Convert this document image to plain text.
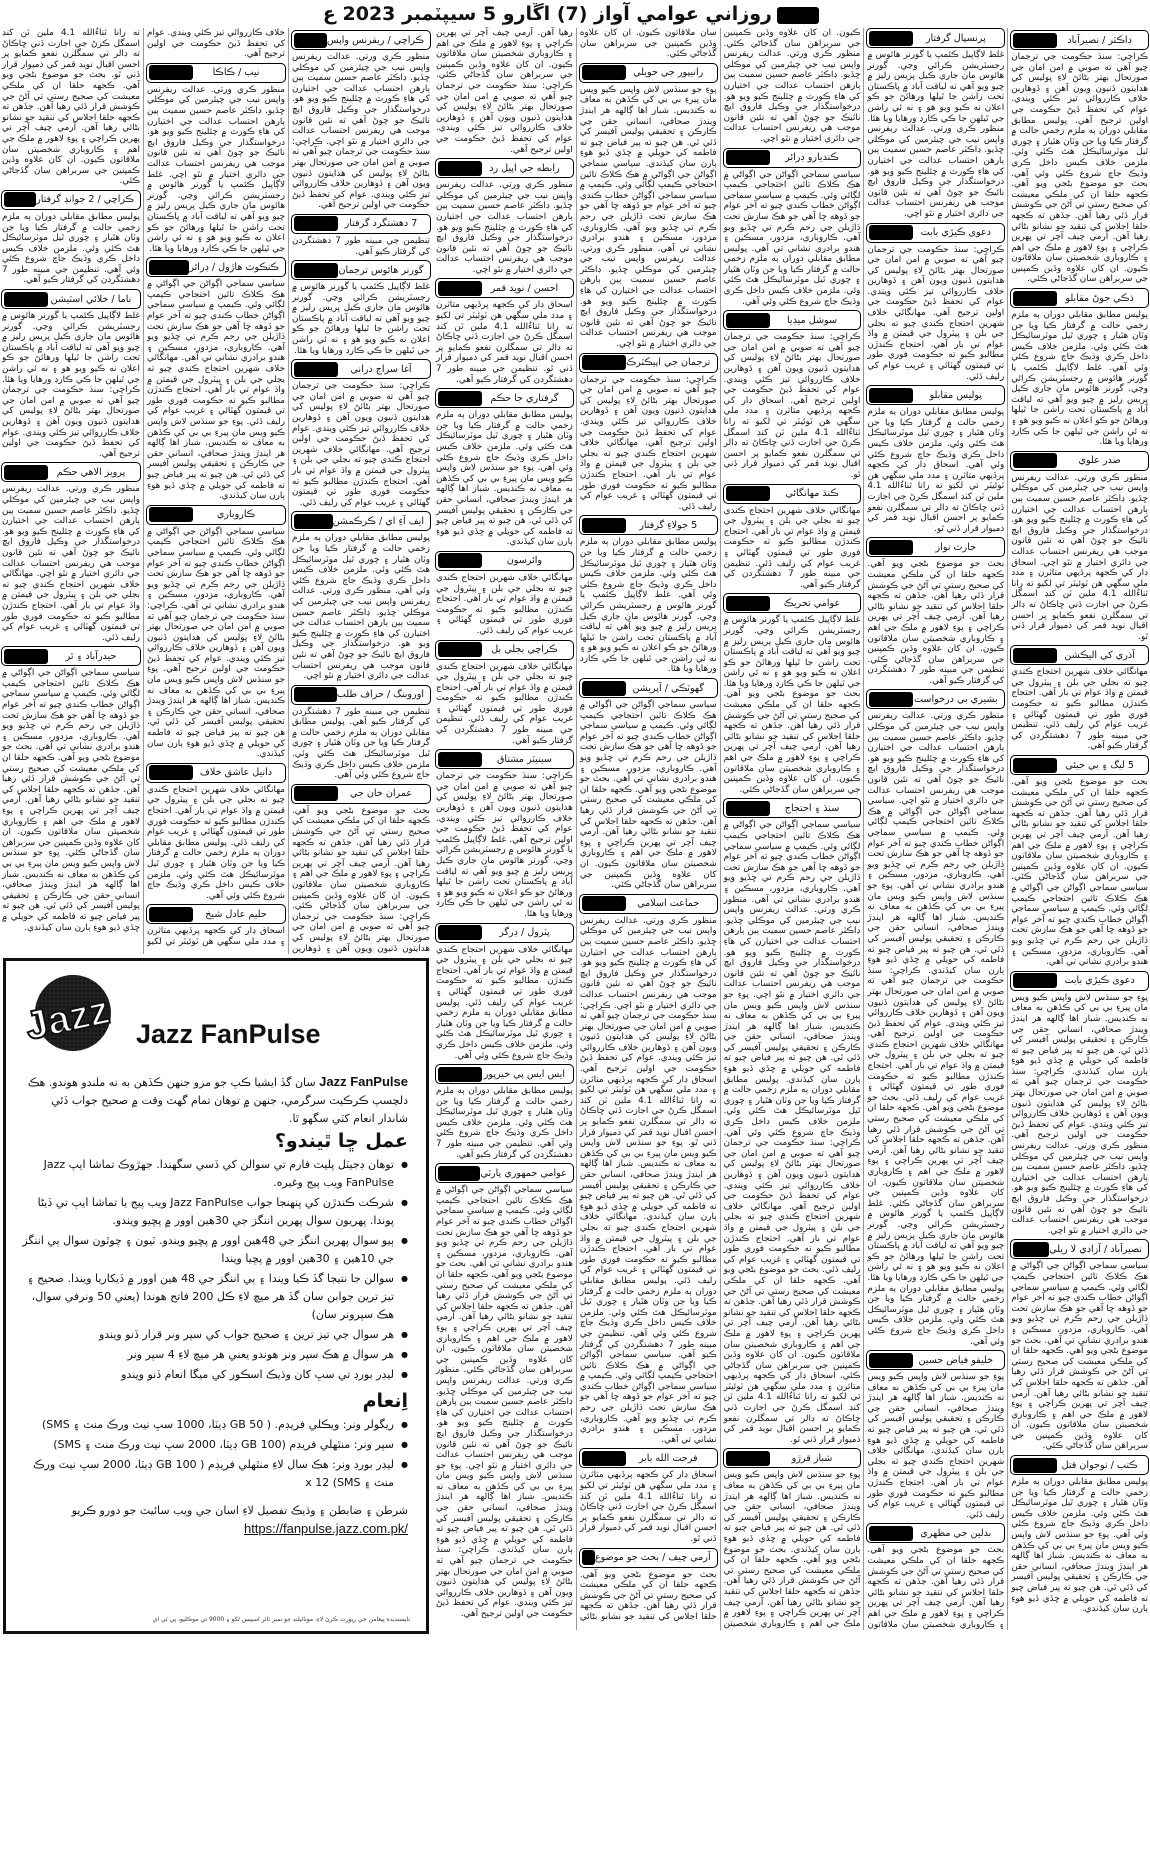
روزاني عوامي آواز (7) اڱارو 5 سيپٽمبر 2023 ع
ڪراچي / ريفرنس واپس
منظور ڪري ورتي. عدالت ريفرنس واپس نيب جي چيئرمين کي موڪلي ڇڏيو. ڊاڪٽر عاصم حسين سميت ٻين ٻارهن احتساب عدالت جي اختيارن کي هاءِ ڪورٽ ۾ چئلينج ڪيو ويو هو. درخواستگذار جي وڪيل فاروق ايڇ نائيڪ جو چوڻ آهي ته نئين قانون موجب هي ريفرنس احتساب عدالت جي دائري اختيار ۾ نٿو اچي. ڪراچي: سنڌ حڪومت جي ترجمان چيو آهي ته صوبي ۾ امن امان جي صورتحال بهتر بڻائڻ لاءِ پوليس کي هدايتون ڏنيون ويون آهن ۽ ڏوهارين خلاف ڪارروائي تيز ڪئي ويندي. عوام کي تحفظ ڏيڻ حڪومت جي اولين ترجيح آهي.
7 دهشتگرد گرفتار
تنظيمن جي مبينه طور 7 دهشتگردن کي گرفتار ڪيو آهي.
گورنر هائوس ترجمان
غلط لاڳاپيل ڪئمپ يا گورنر هائوس ۾ رجسٽريشن ڪرائي وڃي. گورنر هائوس مان جاري ڪيل پريس رليز ۾ چيو ويو آهي ته لياقت آباد ۾ پاڪستان تحت راشن جا ٿيلها ورهائڻ جو ڪو اعلان نه ڪيو ويو هو ۽ نه ئي راشن جي ٿيلهن جا ڪي ڪارڊ ورهايا ويا هئا.
آغا سراج دراني
ڪراچي: سنڌ حڪومت جي ترجمان چيو آهي ته صوبي ۾ امن امان جي صورتحال بهتر بڻائڻ لاءِ پوليس کي هدايتون ڏنيون ويون آهن ۽ ڏوهارين خلاف ڪارروائي تيز ڪئي ويندي. عوام کي تحفظ ڏيڻ حڪومت جي اولين ترجيح آهي. مهانگائي خلاف شهرين احتجاج ڪندي چيو ته بجلي جي بلن ۽ پيٽرول جي قيمتن ۾ واڌ عوام تي بار آهي. احتجاج ڪندڙن مطالبو ڪيو ته حڪومت فوري طور تي قيمتون گهٽائي ۽ غريب عوام کي رليف ڏئي.
ايف آءِ اي / ڪرڪمشن
پوليس مطابق مقابلي دوران ٻه ملزم زخمي حالت ۾ گرفتار ڪيا ويا جن وٽان هٿيار ۽ چوري ٿيل موٽرسائيڪل هٿ ڪئي وئي. ملزمن خلاف ڪيس داخل ڪري وڌيڪ جاچ شروع ڪئي وئي آهي. منظور ڪري ورتي. عدالت ريفرنس واپس نيب جي چيئرمين کي موڪلي ڇڏيو. ڊاڪٽر عاصم حسين سميت ٻين ٻارهن احتساب عدالت جي اختيارن کي هاءِ ڪورٽ ۾ چئلينج ڪيو ويو هو. درخواستگذار جي وڪيل فاروق ايڇ نائيڪ جو چوڻ آهي ته نئين قانون موجب هي ريفرنس احتساب عدالت جي دائري اختيار ۾ نٿو اچي.
اوروبنگ / حراف طلب
تنظيمن جي مبينه طور 7 دهشتگردن کي گرفتار ڪيو آهي. پوليس مطابق مقابلي دوران ٻه ملزم زخمي حالت ۾ گرفتار ڪيا ويا جن وٽان هٿيار ۽ چوري ٿيل موٽرسائيڪل هٿ ڪئي وئي. ملزمن خلاف ڪيس داخل ڪري وڌيڪ جاچ شروع ڪئي وئي آهي.
عمران خان جي
بحث جو موضوع بڻجي ويو آهي. ڪجهه حلقا ان کي ملڪي معيشت کي صحيح رستي تي آڻڻ جي ڪوشش قرار ڏئي رهيا آهن. جڏهن ته ڪجهه حلقا اجلاس کي تنقيد جو نشانو بڻائي رهيا آهن. آرمي چيف آچر تي پهرين ڪراچي ۽ پوءِ لاهور ۾ ملڪ جي اهم ۽ ڪاروباري شخصيتن سان ملاقاتون ڪيون. ان کان علاوه وڏين ڪمپنين جي سربراهن سان گڏجاڻي ڪئي. ڪراچي: سنڌ حڪومت جي ترجمان چيو آهي ته صوبي ۾ امن امان جي صورتحال بهتر بڻائڻ لاءِ پوليس کي هدايتون ڏنيون ويون آهن ۽ ڏوهارين خلاف ڪارروائي تيز ڪئي ويندي. عوام کي تحفظ ڏيڻ حڪومت جي اولين ترجيح آهي.
نيب / ڪاڪا
منظور ڪري ورتي. عدالت ريفرنس واپس نيب جي چيئرمين کي موڪلي ڇڏيو. ڊاڪٽر عاصم حسين سميت ٻين ٻارهن احتساب عدالت جي اختيارن کي هاءِ ڪورٽ ۾ چئلينج ڪيو ويو هو. درخواستگذار جي وڪيل فاروق ايڇ نائيڪ جو چوڻ آهي ته نئين قانون موجب هي ريفرنس احتساب عدالت جي دائري اختيار ۾ نٿو اچي. غلط لاڳاپيل ڪئمپ يا گورنر هائوس ۾ رجسٽريشن ڪرائي وڃي. گورنر هائوس مان جاري ڪيل پريس رليز ۾ چيو ويو آهي ته لياقت آباد ۾ پاڪستان تحت راشن جا ٿيلها ورهائڻ جو ڪو اعلان نه ڪيو ويو هو ۽ نه ئي راشن جي ٿيلهن جا ڪي ڪارڊ ورهايا ويا هئا.
ڪنڪوٽ هاڙول / ڊرائر
سياسي سماجي اڳواڻن جي اڳواڻي ۾ هڪ ڪلاڪ تائين احتجاجي ڪيمپ لڳائي وئي. ڪيمپ ۾ سياسي سماجي اڳواڻن خطاب ڪندي چيو ته آخر عوام جو ڏوهه ڇا آهي جو هڪ سازش تحت ڌاڙيلن جي رحم ڪرم تي ڇڏيو ويو آهي. ڪاروباري، مزدور، مسڪين ۽ هندو برادري نشاني تي آهي. مهانگائي خلاف شهرين احتجاج ڪندي چيو ته بجلي جي بلن ۽ پيٽرول جي قيمتن ۾ واڌ عوام تي بار آهي. احتجاج ڪندڙن مطالبو ڪيو ته حڪومت فوري طور تي قيمتون گهٽائي ۽ غريب عوام کي رليف ڏئي. پوءِ جو سنڌس لاش واپس ڪيو ويس مان پيرءِ بي بي کي ڪڏهن به معاف نه ڪنديس. شباز اها ڳالهه هر اينڊڙ ويندڙ صحافي، انساني حقن جي ڪارڪن ۽ تحقيقي پوليس آفيسر کي ڏئي ٿي. هن چيو ته پير فياض چيو ته فاطمه کي حويلي ۾ ڇڏي ڏيو هوءِ ٻارن سان کيڏندي.
ڪاروباري
سياسي سماجي اڳواڻن جي اڳواڻي ۾ هڪ ڪلاڪ تائين احتجاجي ڪيمپ لڳائي وئي. ڪيمپ ۾ سياسي سماجي اڳواڻن خطاب ڪندي چيو ته آخر عوام جو ڏوهه ڇا آهي جو هڪ سازش تحت ڌاڙيلن جي رحم ڪرم تي ڇڏيو ويو آهي. ڪاروباري، مزدور، مسڪين ۽ هندو برادري نشاني تي آهي. ڪراچي: سنڌ حڪومت جي ترجمان چيو آهي ته صوبي ۾ امن امان جي صورتحال بهتر بڻائڻ لاءِ پوليس کي هدايتون ڏنيون ويون آهن ۽ ڏوهارين خلاف ڪارروائي تيز ڪئي ويندي. عوام کي تحفظ ڏيڻ حڪومت جي اولين ترجيح آهي. پوءِ جو سنڌس لاش واپس ڪيو ويس مان پيرءِ بي بي کي ڪڏهن به معاف نه ڪنديس. شباز اها ڳالهه هر اينڊڙ ويندڙ صحافي، انساني حقن جي ڪارڪن ۽ تحقيقي پوليس آفيسر کي ڏئي ٿي. هن چيو ته پير فياض چيو ته فاطمه کي حويلي ۾ ڇڏي ڏيو هوءِ ٻارن سان کيڏندي.
دانيل عاشق خلاف
مهانگائي خلاف شهرين احتجاج ڪندي چيو ته بجلي جي بلن ۽ پيٽرول جي قيمتن ۾ واڌ عوام تي بار آهي. احتجاج ڪندڙن مطالبو ڪيو ته حڪومت فوري طور تي قيمتون گهٽائي ۽ غريب عوام کي رليف ڏئي. پوليس مطابق مقابلي دوران ٻه ملزم زخمي حالت ۾ گرفتار ڪيا ويا جن وٽان هٿيار ۽ چوري ٿيل موٽرسائيڪل هٿ ڪئي وئي. ملزمن خلاف ڪيس داخل ڪري وڌيڪ جاچ شروع ڪئي وئي آهي.
حليم عادل شيخ
اسحاق ڊار کي ڪجهه پرڏيهي متاثرن ۽ مدد ملي سگهي هن ٽوئيٽر تي لکيو ته رانا ثناءُالله 4.1 ملين ٽن کنڊ اسمگل ڪرڻ جي اجازت ڏني ڇاڪاڻ ته ڊالر تي سمگلرن نفعو ڪمايو پر احسن اقبال نويد قمر کي ذميوار قرار ڏني ٿو. بحث جو موضوع بڻجي ويو آهي. ڪجهه حلقا ان کي ملڪي معيشت کي صحيح رستي تي آڻڻ جي ڪوشش قرار ڏئي رهيا آهن. جڏهن ته ڪجهه حلقا اجلاس کي تنقيد جو نشانو بڻائي رهيا آهن. آرمي چيف آچر تي پهرين ڪراچي ۽ پوءِ لاهور ۾ ملڪ جي اهم ۽ ڪاروباري شخصيتن سان ملاقاتون ڪيون. ان کان علاوه وڏين ڪمپنين جي سربراهن سان گڏجاڻي ڪئي.
ڪراچي / 2 جوانڊ گرفتار
پوليس مطابق مقابلي دوران ٻه ملزم زخمي حالت ۾ گرفتار ڪيا ويا جن وٽان هٿيار ۽ چوري ٿيل موٽرسائيڪل هٿ ڪئي وئي. ملزمن خلاف ڪيس داخل ڪري وڌيڪ جاچ شروع ڪئي وئي آهي. تنظيمن جي مبينه طور 7 دهشتگردن کي گرفتار ڪيو آهي.
ناما / خلائي اسٽيشن
غلط لاڳاپيل ڪئمپ يا گورنر هائوس ۾ رجسٽريشن ڪرائي وڃي. گورنر هائوس مان جاري ڪيل پريس رليز ۾ چيو ويو آهي ته لياقت آباد ۾ پاڪستان تحت راشن جا ٿيلها ورهائڻ جو ڪو اعلان نه ڪيو ويو هو ۽ نه ئي راشن جي ٿيلهن جا ڪي ڪارڊ ورهايا ويا هئا. ڪراچي: سنڌ حڪومت جي ترجمان چيو آهي ته صوبي ۾ امن امان جي صورتحال بهتر بڻائڻ لاءِ پوليس کي هدايتون ڏنيون ويون آهن ۽ ڏوهارين خلاف ڪارروائي تيز ڪئي ويندي. عوام کي تحفظ ڏيڻ حڪومت جي اولين ترجيح آهي.
پرويز الاهي حڪم
منظور ڪري ورتي. عدالت ريفرنس واپس نيب جي چيئرمين کي موڪلي ڇڏيو. ڊاڪٽر عاصم حسين سميت ٻين ٻارهن احتساب عدالت جي اختيارن کي هاءِ ڪورٽ ۾ چئلينج ڪيو ويو هو. درخواستگذار جي وڪيل فاروق ايڇ نائيڪ جو چوڻ آهي ته نئين قانون موجب هي ريفرنس احتساب عدالت جي دائري اختيار ۾ نٿو اچي. مهانگائي خلاف شهرين احتجاج ڪندي چيو ته بجلي جي بلن ۽ پيٽرول جي قيمتن ۾ واڌ عوام تي بار آهي. احتجاج ڪندڙن مطالبو ڪيو ته حڪومت فوري طور تي قيمتون گهٽائي ۽ غريب عوام کي رليف ڏئي.
حيدرآباد ۽ ٿر
سياسي سماجي اڳواڻن جي اڳواڻي ۾ هڪ ڪلاڪ تائين احتجاجي ڪيمپ لڳائي وئي. ڪيمپ ۾ سياسي سماجي اڳواڻن خطاب ڪندي چيو ته آخر عوام جو ڏوهه ڇا آهي جو هڪ سازش تحت ڌاڙيلن جي رحم ڪرم تي ڇڏيو ويو آهي. ڪاروباري، مزدور، مسڪين ۽ هندو برادري نشاني تي آهي. بحث جو موضوع بڻجي ويو آهي. ڪجهه حلقا ان کي ملڪي معيشت کي صحيح رستي تي آڻڻ جي ڪوشش قرار ڏئي رهيا آهن. جڏهن ته ڪجهه حلقا اجلاس کي تنقيد جو نشانو بڻائي رهيا آهن. آرمي چيف آچر تي پهرين ڪراچي ۽ پوءِ لاهور ۾ ملڪ جي اهم ۽ ڪاروباري شخصيتن سان ملاقاتون ڪيون. ان کان علاوه وڏين ڪمپنين جي سربراهن سان گڏجاڻي ڪئي. پوءِ جو سنڌس لاش واپس ڪيو ويس مان پيرءِ بي بي کي ڪڏهن به معاف نه ڪنديس. شباز اها ڳالهه هر اينڊڙ ويندڙ صحافي، انساني حقن جي ڪارڪن ۽ تحقيقي پوليس آفيسر کي ڏئي ٿي. هن چيو ته پير فياض چيو ته فاطمه کي حويلي ۾ ڇڏي ڏيو هوءِ ٻارن سان کيڏندي.
Jazz Jazz FanPulse
Jazz FanPulse سان گڏ ايشيا ڪپ جو مزو جنهن ڪڏهن به نه ملندو هوندو. هڪ دلچسپ ڪرڪيٽ سرگرمي، جنهن ۾ توهان تمام گهٽ وقت ۾ صحيح جواب ڏئي شاندار انعام کٽي سگهو ٿا.
عمل ڇا ٿيندو؟
● توهان ڊجيٽل پليٽ فارم تي سوالن کي ڏسي سگهندا. جهڙوڪ تماشا ايپ Jazz FanPulse ويب پيج وغيره.
● شرڪت ڪندڙن کي پنهنجا جواب Jazz FanPulse ويب پيج يا تماشا ايپ تي ڏيڻا پوندا. پهريون سوال پهرين اننگز جي 30هين اوور ۾ پڇيو ويندو.
● ٻيو سوال پهرين اننگز جي 48هين اوور ۾ پڇيو ويندو. ٽيون ۽ چوٿون سوال ٻي اننگز جي 10هين ۽ 30هين اوور ۾ پڇيا ويندا
● سوالن جا نتيجا گڏ ڪيا ويندا ۽ ٻي اننگز جي 48 هين اوور ۾ ڏيکاريا ويندا. صحيح ۽ تيز ترين جوابن سان گڏ هر ميچ لاءِ ڪل 200 فاتح هوندا (يعني 50 ونرفي سوال، هڪ سپرونر سان)
● هر سوال جي تيز ترين ۽ صحيح جواب کي سپر ونر قرار ڏنو ويندو
● هر سوال ۾ هڪ سپر ونر هوندو يعني هر ميچ لاءِ 4 سپر ونر
● ليڊر بورڊ تي سڀ کان وڌيڪ اسڪور کي ميگا انعام ڏنو ويندو
اِنعام
● ريگولر ونر: ويڪلي فريڊم. ( GB 50 ڊيٽا، 1000 سڀ نيٽ ورڪ منٽ ۽ SMS)
● سپر ونر: منٿهلي فريڊم (GB 100 ڊيٽا، 2000 سڀ نيٽ ورڪ منٽ ۽ SMS)
● ليڊر بورڊ ونر: هڪ سال لاءِ منٿهلي فريڊم ( GB 100 ڊيٽا، 2000 سڀ نيٽ ورڪ منٽ ۽ SMS) x 12
شرطن ۽ ضابطن ۽ وڌيڪ تفصيل لاءِ اسان جي ويب سائيٽ جو دورو ڪريو
https://fanpulse.jazz.com.pk/
ناپسنديده پيغامن جي رپورٽ ڪرڻ لاءِ، موبائيلنڊ جو نمبر ٽائر اسپيس لکو ۽ 9000 تي موڪليو، پي ٽي اي
ڊاڪٽر / نصيرآباد
ڪراچي: سنڌ حڪومت جي ترجمان چيو آهي ته صوبي ۾ امن امان جي صورتحال بهتر بڻائڻ لاءِ پوليس کي هدايتون ڏنيون ويون آهن ۽ ڏوهارين خلاف ڪارروائي تيز ڪئي ويندي. عوام کي تحفظ ڏيڻ حڪومت جي اولين ترجيح آهي. پوليس مطابق مقابلي دوران ٻه ملزم زخمي حالت ۾ گرفتار ڪيا ويا جن وٽان هٿيار ۽ چوري ٿيل موٽرسائيڪل هٿ ڪئي وئي. ملزمن خلاف ڪيس داخل ڪري وڌيڪ جاچ شروع ڪئي وئي آهي. بحث جو موضوع بڻجي ويو آهي. ڪجهه حلقا ان کي ملڪي معيشت کي صحيح رستي تي آڻڻ جي ڪوشش قرار ڏئي رهيا آهن. جڏهن ته ڪجهه حلقا اجلاس کي تنقيد جو نشانو بڻائي رهيا آهن. آرمي چيف آچر تي پهرين ڪراچي ۽ پوءِ لاهور ۾ ملڪ جي اهم ۽ ڪاروباري شخصيتن سان ملاقاتون ڪيون. ان کان علاوه وڏين ڪمپنين جي سربراهن سان گڏجاڻي ڪئي.
ذڪي جوڻ مقابلو
پوليس مطابق مقابلي دوران ٻه ملزم زخمي حالت ۾ گرفتار ڪيا ويا جن وٽان هٿيار ۽ چوري ٿيل موٽرسائيڪل هٿ ڪئي وئي. ملزمن خلاف ڪيس داخل ڪري وڌيڪ جاچ شروع ڪئي وئي آهي. غلط لاڳاپيل ڪئمپ يا گورنر هائوس ۾ رجسٽريشن ڪرائي وڃي. گورنر هائوس مان جاري ڪيل پريس رليز ۾ چيو ويو آهي ته لياقت آباد ۾ پاڪستان تحت راشن جا ٿيلها ورهائڻ جو ڪو اعلان نه ڪيو ويو هو ۽ نه ئي راشن جي ٿيلهن جا ڪي ڪارڊ ورهايا ويا هئا.
صدر علوي
منظور ڪري ورتي. عدالت ريفرنس واپس نيب جي چيئرمين کي موڪلي ڇڏيو. ڊاڪٽر عاصم حسين سميت ٻين ٻارهن احتساب عدالت جي اختيارن کي هاءِ ڪورٽ ۾ چئلينج ڪيو ويو هو. درخواستگذار جي وڪيل فاروق ايڇ نائيڪ جو چوڻ آهي ته نئين قانون موجب هي ريفرنس احتساب عدالت جي دائري اختيار ۾ نٿو اچي. اسحاق ڊار کي ڪجهه پرڏيهي متاثرن ۽ مدد ملي سگهي هن ٽوئيٽر تي لکيو ته رانا ثناءُالله 4.1 ملين ٽن کنڊ اسمگل ڪرڻ جي اجازت ڏني ڇاڪاڻ ته ڊالر تي سمگلرن نفعو ڪمايو پر احسن اقبال نويد قمر کي ذميوار قرار ڏني ٿو.
آذري کي اليڪشن
مهانگائي خلاف شهرين احتجاج ڪندي چيو ته بجلي جي بلن ۽ پيٽرول جي قيمتن ۾ واڌ عوام تي بار آهي. احتجاج ڪندڙن مطالبو ڪيو ته حڪومت فوري طور تي قيمتون گهٽائي ۽ غريب عوام کي رليف ڏئي. تنظيمن جي مبينه طور 7 دهشتگردن کي گرفتار ڪيو آهي.
5 ليگ ۽ بي جيئي
بحث جو موضوع بڻجي ويو آهي. ڪجهه حلقا ان کي ملڪي معيشت کي صحيح رستي تي آڻڻ جي ڪوشش قرار ڏئي رهيا آهن. جڏهن ته ڪجهه حلقا اجلاس کي تنقيد جو نشانو بڻائي رهيا آهن. آرمي چيف آچر تي پهرين ڪراچي ۽ پوءِ لاهور ۾ ملڪ جي اهم ۽ ڪاروباري شخصيتن سان ملاقاتون ڪيون. ان کان علاوه وڏين ڪمپنين جي سربراهن سان گڏجاڻي ڪئي. سياسي سماجي اڳواڻن جي اڳواڻي ۾ هڪ ڪلاڪ تائين احتجاجي ڪيمپ لڳائي وئي. ڪيمپ ۾ سياسي سماجي اڳواڻن خطاب ڪندي چيو ته آخر عوام جو ڏوهه ڇا آهي جو هڪ سازش تحت ڌاڙيلن جي رحم ڪرم تي ڇڏيو ويو آهي. ڪاروباري، مزدور، مسڪين ۽ هندو برادري نشاني تي آهي.
دعوى ڪيڙي بابت
پوءِ جو سنڌس لاش واپس ڪيو ويس مان پيرءِ بي بي کي ڪڏهن به معاف نه ڪنديس. شباز اها ڳالهه هر اينڊڙ ويندڙ صحافي، انساني حقن جي ڪارڪن ۽ تحقيقي پوليس آفيسر کي ڏئي ٿي. هن چيو ته پير فياض چيو ته فاطمه کي حويلي ۾ ڇڏي ڏيو هوءِ ٻارن سان کيڏندي. ڪراچي: سنڌ حڪومت جي ترجمان چيو آهي ته صوبي ۾ امن امان جي صورتحال بهتر بڻائڻ لاءِ پوليس کي هدايتون ڏنيون ويون آهن ۽ ڏوهارين خلاف ڪارروائي تيز ڪئي ويندي. عوام کي تحفظ ڏيڻ حڪومت جي اولين ترجيح آهي. منظور ڪري ورتي. عدالت ريفرنس واپس نيب جي چيئرمين کي موڪلي ڇڏيو. ڊاڪٽر عاصم حسين سميت ٻين ٻارهن احتساب عدالت جي اختيارن کي هاءِ ڪورٽ ۾ چئلينج ڪيو ويو هو. درخواستگذار جي وڪيل فاروق ايڇ نائيڪ جو چوڻ آهي ته نئين قانون موجب هي ريفرنس احتساب عدالت جي دائري اختيار ۾ نٿو اچي.
نصيرآباد / آزادي لا ريلي
سياسي سماجي اڳواڻن جي اڳواڻي ۾ هڪ ڪلاڪ تائين احتجاجي ڪيمپ لڳائي وئي. ڪيمپ ۾ سياسي سماجي اڳواڻن خطاب ڪندي چيو ته آخر عوام جو ڏوهه ڇا آهي جو هڪ سازش تحت ڌاڙيلن جي رحم ڪرم تي ڇڏيو ويو آهي. ڪاروباري، مزدور، مسڪين ۽ هندو برادري نشاني تي آهي. بحث جو موضوع بڻجي ويو آهي. ڪجهه حلقا ان کي ملڪي معيشت کي صحيح رستي تي آڻڻ جي ڪوشش قرار ڏئي رهيا آهن. جڏهن ته ڪجهه حلقا اجلاس کي تنقيد جو نشانو بڻائي رهيا آهن. آرمي چيف آچر تي پهرين ڪراچي ۽ پوءِ لاهور ۾ ملڪ جي اهم ۽ ڪاروباري شخصيتن سان ملاقاتون ڪيون. ان کان علاوه وڏين ڪمپنين جي سربراهن سان گڏجاڻي ڪئي.
ڪتب / نوجوان قتل
پوليس مطابق مقابلي دوران ٻه ملزم زخمي حالت ۾ گرفتار ڪيا ويا جن وٽان هٿيار ۽ چوري ٿيل موٽرسائيڪل هٿ ڪئي وئي. ملزمن خلاف ڪيس داخل ڪري وڌيڪ جاچ شروع ڪئي وئي آهي. پوءِ جو سنڌس لاش واپس ڪيو ويس مان پيرءِ بي بي کي ڪڏهن به معاف نه ڪنديس. شباز اها ڳالهه هر اينڊڙ ويندڙ صحافي، انساني حقن جي ڪارڪن ۽ تحقيقي پوليس آفيسر کي ڏئي ٿي. هن چيو ته پير فياض چيو ته فاطمه کي حويلي ۾ ڇڏي ڏيو هوءِ ٻارن سان کيڏندي.
پرنسپال گرفتار
غلط لاڳاپيل ڪئمپ يا گورنر هائوس ۾ رجسٽريشن ڪرائي وڃي. گورنر هائوس مان جاري ڪيل پريس رليز ۾ چيو ويو آهي ته لياقت آباد ۾ پاڪستان تحت راشن جا ٿيلها ورهائڻ جو ڪو اعلان نه ڪيو ويو هو ۽ نه ئي راشن جي ٿيلهن جا ڪي ڪارڊ ورهايا ويا هئا. منظور ڪري ورتي. عدالت ريفرنس واپس نيب جي چيئرمين کي موڪلي ڇڏيو. ڊاڪٽر عاصم حسين سميت ٻين ٻارهن احتساب عدالت جي اختيارن کي هاءِ ڪورٽ ۾ چئلينج ڪيو ويو هو. درخواستگذار جي وڪيل فاروق ايڇ نائيڪ جو چوڻ آهي ته نئين قانون موجب هي ريفرنس احتساب عدالت جي دائري اختيار ۾ نٿو اچي.
دعوى ڪيڙي بابت
ڪراچي: سنڌ حڪومت جي ترجمان چيو آهي ته صوبي ۾ امن امان جي صورتحال بهتر بڻائڻ لاءِ پوليس کي هدايتون ڏنيون ويون آهن ۽ ڏوهارين خلاف ڪارروائي تيز ڪئي ويندي. عوام کي تحفظ ڏيڻ حڪومت جي اولين ترجيح آهي. مهانگائي خلاف شهرين احتجاج ڪندي چيو ته بجلي جي بلن ۽ پيٽرول جي قيمتن ۾ واڌ عوام تي بار آهي. احتجاج ڪندڙن مطالبو ڪيو ته حڪومت فوري طور تي قيمتون گهٽائي ۽ غريب عوام کي رليف ڏئي.
پوليس مقابلو
پوليس مطابق مقابلي دوران ٻه ملزم زخمي حالت ۾ گرفتار ڪيا ويا جن وٽان هٿيار ۽ چوري ٿيل موٽرسائيڪل هٿ ڪئي وئي. ملزمن خلاف ڪيس داخل ڪري وڌيڪ جاچ شروع ڪئي وئي آهي. اسحاق ڊار کي ڪجهه پرڏيهي متاثرن ۽ مدد ملي سگهي هن ٽوئيٽر تي لکيو ته رانا ثناءُالله 4.1 ملين ٽن کنڊ اسمگل ڪرڻ جي اجازت ڏني ڇاڪاڻ ته ڊالر تي سمگلرن نفعو ڪمايو پر احسن اقبال نويد قمر کي ذميوار قرار ڏني ٿو.
حارث نواز
بحث جو موضوع بڻجي ويو آهي. ڪجهه حلقا ان کي ملڪي معيشت کي صحيح رستي تي آڻڻ جي ڪوشش قرار ڏئي رهيا آهن. جڏهن ته ڪجهه حلقا اجلاس کي تنقيد جو نشانو بڻائي رهيا آهن. آرمي چيف آچر تي پهرين ڪراچي ۽ پوءِ لاهور ۾ ملڪ جي اهم ۽ ڪاروباري شخصيتن سان ملاقاتون ڪيون. ان کان علاوه وڏين ڪمپنين جي سربراهن سان گڏجاڻي ڪئي. تنظيمن جي مبينه طور 7 دهشتگردن کي گرفتار ڪيو آهي.
بشيري بي درخواست
منظور ڪري ورتي. عدالت ريفرنس واپس نيب جي چيئرمين کي موڪلي ڇڏيو. ڊاڪٽر عاصم حسين سميت ٻين ٻارهن احتساب عدالت جي اختيارن کي هاءِ ڪورٽ ۾ چئلينج ڪيو ويو هو. درخواستگذار جي وڪيل فاروق ايڇ نائيڪ جو چوڻ آهي ته نئين قانون موجب هي ريفرنس احتساب عدالت جي دائري اختيار ۾ نٿو اچي. سياسي سماجي اڳواڻن جي اڳواڻي ۾ هڪ ڪلاڪ تائين احتجاجي ڪيمپ لڳائي وئي. ڪيمپ ۾ سياسي سماجي اڳواڻن خطاب ڪندي چيو ته آخر عوام جو ڏوهه ڇا آهي جو هڪ سازش تحت ڌاڙيلن جي رحم ڪرم تي ڇڏيو ويو آهي. ڪاروباري، مزدور، مسڪين ۽ هندو برادري نشاني تي آهي. پوءِ جو سنڌس لاش واپس ڪيو ويس مان پيرءِ بي بي کي ڪڏهن به معاف نه ڪنديس. شباز اها ڳالهه هر اينڊڙ ويندڙ صحافي، انساني حقن جي ڪارڪن ۽ تحقيقي پوليس آفيسر کي ڏئي ٿي. هن چيو ته پير فياض چيو ته فاطمه کي حويلي ۾ ڇڏي ڏيو هوءِ ٻارن سان کيڏندي. ڪراچي: سنڌ حڪومت جي ترجمان چيو آهي ته صوبي ۾ امن امان جي صورتحال بهتر بڻائڻ لاءِ پوليس کي هدايتون ڏنيون ويون آهن ۽ ڏوهارين خلاف ڪارروائي تيز ڪئي ويندي. عوام کي تحفظ ڏيڻ حڪومت جي اولين ترجيح آهي. مهانگائي خلاف شهرين احتجاج ڪندي چيو ته بجلي جي بلن ۽ پيٽرول جي قيمتن ۾ واڌ عوام تي بار آهي. احتجاج ڪندڙن مطالبو ڪيو ته حڪومت فوري طور تي قيمتون گهٽائي ۽ غريب عوام کي رليف ڏئي. بحث جو موضوع بڻجي ويو آهي. ڪجهه حلقا ان کي ملڪي معيشت کي صحيح رستي تي آڻڻ جي ڪوشش قرار ڏئي رهيا آهن. جڏهن ته ڪجهه حلقا اجلاس کي تنقيد جو نشانو بڻائي رهيا آهن. آرمي چيف آچر تي پهرين ڪراچي ۽ پوءِ لاهور ۾ ملڪ جي اهم ۽ ڪاروباري شخصيتن سان ملاقاتون ڪيون. ان کان علاوه وڏين ڪمپنين جي سربراهن سان گڏجاڻي ڪئي. غلط لاڳاپيل ڪئمپ يا گورنر هائوس ۾ رجسٽريشن ڪرائي وڃي. گورنر هائوس مان جاري ڪيل پريس رليز ۾ چيو ويو آهي ته لياقت آباد ۾ پاڪستان تحت راشن جا ٿيلها ورهائڻ جو ڪو اعلان نه ڪيو ويو هو ۽ نه ئي راشن جي ٿيلهن جا ڪي ڪارڊ ورهايا ويا هئا. پوليس مطابق مقابلي دوران ٻه ملزم زخمي حالت ۾ گرفتار ڪيا ويا جن وٽان هٿيار ۽ چوري ٿيل موٽرسائيڪل هٿ ڪئي وئي. ملزمن خلاف ڪيس داخل ڪري وڌيڪ جاچ شروع ڪئي وئي آهي.
خليفو فياض حسين
پوءِ جو سنڌس لاش واپس ڪيو ويس مان پيرءِ بي بي کي ڪڏهن به معاف نه ڪنديس. شباز اها ڳالهه هر اينڊڙ ويندڙ صحافي، انساني حقن جي ڪارڪن ۽ تحقيقي پوليس آفيسر کي ڏئي ٿي. هن چيو ته پير فياض چيو ته فاطمه کي حويلي ۾ ڇڏي ڏيو هوءِ ٻارن سان کيڏندي. مهانگائي خلاف شهرين احتجاج ڪندي چيو ته بجلي جي بلن ۽ پيٽرول جي قيمتن ۾ واڌ عوام تي بار آهي. احتجاج ڪندڙن مطالبو ڪيو ته حڪومت فوري طور تي قيمتون گهٽائي ۽ غريب عوام کي رليف ڏئي.
بدلين جي مظهري
بحث جو موضوع بڻجي ويو آهي. ڪجهه حلقا ان کي ملڪي معيشت کي صحيح رستي تي آڻڻ جي ڪوشش قرار ڏئي رهيا آهن. جڏهن ته ڪجهه حلقا اجلاس کي تنقيد جو نشانو بڻائي رهيا آهن. آرمي چيف آچر تي پهرين ڪراچي ۽ پوءِ لاهور ۾ ملڪ جي اهم ۽ ڪاروباري شخصيتن سان ملاقاتون ڪيون. ان کان علاوه وڏين ڪمپنين جي سربراهن سان گڏجاڻي ڪئي. منظور ڪري ورتي. عدالت ريفرنس واپس نيب جي چيئرمين کي موڪلي ڇڏيو. ڊاڪٽر عاصم حسين سميت ٻين ٻارهن احتساب عدالت جي اختيارن کي هاءِ ڪورٽ ۾ چئلينج ڪيو ويو هو. درخواستگذار جي وڪيل فاروق ايڇ نائيڪ جو چوڻ آهي ته نئين قانون موجب هي ريفرنس احتساب عدالت جي دائري اختيار ۾ نٿو اچي.
ڪنديارو ڊرائر
سياسي سماجي اڳواڻن جي اڳواڻي ۾ هڪ ڪلاڪ تائين احتجاجي ڪيمپ لڳائي وئي. ڪيمپ ۾ سياسي سماجي اڳواڻن خطاب ڪندي چيو ته آخر عوام جو ڏوهه ڇا آهي جو هڪ سازش تحت ڌاڙيلن جي رحم ڪرم تي ڇڏيو ويو آهي. ڪاروباري، مزدور، مسڪين ۽ هندو برادري نشاني تي آهي. پوليس مطابق مقابلي دوران ٻه ملزم زخمي حالت ۾ گرفتار ڪيا ويا جن وٽان هٿيار ۽ چوري ٿيل موٽرسائيڪل هٿ ڪئي وئي. ملزمن خلاف ڪيس داخل ڪري وڌيڪ جاچ شروع ڪئي وئي آهي.
سوشل ميڊيا
ڪراچي: سنڌ حڪومت جي ترجمان چيو آهي ته صوبي ۾ امن امان جي صورتحال بهتر بڻائڻ لاءِ پوليس کي هدايتون ڏنيون ويون آهن ۽ ڏوهارين خلاف ڪارروائي تيز ڪئي ويندي. عوام کي تحفظ ڏيڻ حڪومت جي اولين ترجيح آهي. اسحاق ڊار کي ڪجهه پرڏيهي متاثرن ۽ مدد ملي سگهي هن ٽوئيٽر تي لکيو ته رانا ثناءُالله 4.1 ملين ٽن کنڊ اسمگل ڪرڻ جي اجازت ڏني ڇاڪاڻ ته ڊالر تي سمگلرن نفعو ڪمايو پر احسن اقبال نويد قمر کي ذميوار قرار ڏني ٿو.
ڪنڌ مهانگائي
مهانگائي خلاف شهرين احتجاج ڪندي چيو ته بجلي جي بلن ۽ پيٽرول جي قيمتن ۾ واڌ عوام تي بار آهي. احتجاج ڪندڙن مطالبو ڪيو ته حڪومت فوري طور تي قيمتون گهٽائي ۽ غريب عوام کي رليف ڏئي. تنظيمن جي مبينه طور 7 دهشتگردن کي گرفتار ڪيو آهي.
عوامي تحريڪ
غلط لاڳاپيل ڪئمپ يا گورنر هائوس ۾ رجسٽريشن ڪرائي وڃي. گورنر هائوس مان جاري ڪيل پريس رليز ۾ چيو ويو آهي ته لياقت آباد ۾ پاڪستان تحت راشن جا ٿيلها ورهائڻ جو ڪو اعلان نه ڪيو ويو هو ۽ نه ئي راشن جي ٿيلهن جا ڪي ڪارڊ ورهايا ويا هئا. بحث جو موضوع بڻجي ويو آهي. ڪجهه حلقا ان کي ملڪي معيشت کي صحيح رستي تي آڻڻ جي ڪوشش قرار ڏئي رهيا آهن. جڏهن ته ڪجهه حلقا اجلاس کي تنقيد جو نشانو بڻائي رهيا آهن. آرمي چيف آچر تي پهرين ڪراچي ۽ پوءِ لاهور ۾ ملڪ جي اهم ۽ ڪاروباري شخصيتن سان ملاقاتون ڪيون. ان کان علاوه وڏين ڪمپنين جي سربراهن سان گڏجاڻي ڪئي.
سنڌ ۽ احتجاج
سياسي سماجي اڳواڻن جي اڳواڻي ۾ هڪ ڪلاڪ تائين احتجاجي ڪيمپ لڳائي وئي. ڪيمپ ۾ سياسي سماجي اڳواڻن خطاب ڪندي چيو ته آخر عوام جو ڏوهه ڇا آهي جو هڪ سازش تحت ڌاڙيلن جي رحم ڪرم تي ڇڏيو ويو آهي. ڪاروباري، مزدور، مسڪين ۽ هندو برادري نشاني تي آهي. منظور ڪري ورتي. عدالت ريفرنس واپس نيب جي چيئرمين کي موڪلي ڇڏيو. ڊاڪٽر عاصم حسين سميت ٻين ٻارهن احتساب عدالت جي اختيارن کي هاءِ ڪورٽ ۾ چئلينج ڪيو ويو هو. درخواستگذار جي وڪيل فاروق ايڇ نائيڪ جو چوڻ آهي ته نئين قانون موجب هي ريفرنس احتساب عدالت جي دائري اختيار ۾ نٿو اچي. پوءِ جو سنڌس لاش واپس ڪيو ويس مان پيرءِ بي بي کي ڪڏهن به معاف نه ڪنديس. شباز اها ڳالهه هر اينڊڙ ويندڙ صحافي، انساني حقن جي ڪارڪن ۽ تحقيقي پوليس آفيسر کي ڏئي ٿي. هن چيو ته پير فياض چيو ته فاطمه کي حويلي ۾ ڇڏي ڏيو هوءِ ٻارن سان کيڏندي. پوليس مطابق مقابلي دوران ٻه ملزم زخمي حالت ۾ گرفتار ڪيا ويا جن وٽان هٿيار ۽ چوري ٿيل موٽرسائيڪل هٿ ڪئي وئي. ملزمن خلاف ڪيس داخل ڪري وڌيڪ جاچ شروع ڪئي وئي آهي. ڪراچي: سنڌ حڪومت جي ترجمان چيو آهي ته صوبي ۾ امن امان جي صورتحال بهتر بڻائڻ لاءِ پوليس کي هدايتون ڏنيون ويون آهن ۽ ڏوهارين خلاف ڪارروائي تيز ڪئي ويندي. عوام کي تحفظ ڏيڻ حڪومت جي اولين ترجيح آهي. مهانگائي خلاف شهرين احتجاج ڪندي چيو ته بجلي جي بلن ۽ پيٽرول جي قيمتن ۾ واڌ عوام تي بار آهي. احتجاج ڪندڙن مطالبو ڪيو ته حڪومت فوري طور تي قيمتون گهٽائي ۽ غريب عوام کي رليف ڏئي. بحث جو موضوع بڻجي ويو آهي. ڪجهه حلقا ان کي ملڪي معيشت کي صحيح رستي تي آڻڻ جي ڪوشش قرار ڏئي رهيا آهن. جڏهن ته ڪجهه حلقا اجلاس کي تنقيد جو نشانو بڻائي رهيا آهن. آرمي چيف آچر تي پهرين ڪراچي ۽ پوءِ لاهور ۾ ملڪ جي اهم ۽ ڪاروباري شخصيتن سان ملاقاتون ڪيون. ان کان علاوه وڏين ڪمپنين جي سربراهن سان گڏجاڻي ڪئي. اسحاق ڊار کي ڪجهه پرڏيهي متاثرن ۽ مدد ملي سگهي هن ٽوئيٽر تي لکيو ته رانا ثناءُالله 4.1 ملين ٽن کنڊ اسمگل ڪرڻ جي اجازت ڏني ڇاڪاڻ ته ڊالر تي سمگلرن نفعو ڪمايو پر احسن اقبال نويد قمر کي ذميوار قرار ڏني ٿو.
شباز قرڙو
پوءِ جو سنڌس لاش واپس ڪيو ويس مان پيرءِ بي بي کي ڪڏهن به معاف نه ڪنديس. شباز اها ڳالهه هر اينڊڙ ويندڙ صحافي، انساني حقن جي ڪارڪن ۽ تحقيقي پوليس آفيسر کي ڏئي ٿي. هن چيو ته پير فياض چيو ته فاطمه کي حويلي ۾ ڇڏي ڏيو هوءِ ٻارن سان کيڏندي. بحث جو موضوع بڻجي ويو آهي. ڪجهه حلقا ان کي ملڪي معيشت کي صحيح رستي تي آڻڻ جي ڪوشش قرار ڏئي رهيا آهن. جڏهن ته ڪجهه حلقا اجلاس کي تنقيد جو نشانو بڻائي رهيا آهن. آرمي چيف آچر تي پهرين ڪراچي ۽ پوءِ لاهور ۾ ملڪ جي اهم ۽ ڪاروباري شخصيتن سان ملاقاتون ڪيون. ان کان علاوه وڏين ڪمپنين جي سربراهن سان گڏجاڻي ڪئي.
رانيپور جي حويلي
پوءِ جو سنڌس لاش واپس ڪيو ويس مان پيرءِ بي بي کي ڪڏهن به معاف نه ڪنديس. شباز اها ڳالهه هر اينڊڙ ويندڙ صحافي، انساني حقن جي ڪارڪن ۽ تحقيقي پوليس آفيسر کي ڏئي ٿي. هن چيو ته پير فياض چيو ته فاطمه کي حويلي ۾ ڇڏي ڏيو هوءِ ٻارن سان کيڏندي. سياسي سماجي اڳواڻن جي اڳواڻي ۾ هڪ ڪلاڪ تائين احتجاجي ڪيمپ لڳائي وئي. ڪيمپ ۾ سياسي سماجي اڳواڻن خطاب ڪندي چيو ته آخر عوام جو ڏوهه ڇا آهي جو هڪ سازش تحت ڌاڙيلن جي رحم ڪرم تي ڇڏيو ويو آهي. ڪاروباري، مزدور، مسڪين ۽ هندو برادري نشاني تي آهي. منظور ڪري ورتي. عدالت ريفرنس واپس نيب جي چيئرمين کي موڪلي ڇڏيو. ڊاڪٽر عاصم حسين سميت ٻين ٻارهن احتساب عدالت جي اختيارن کي هاءِ ڪورٽ ۾ چئلينج ڪيو ويو هو. درخواستگذار جي وڪيل فاروق ايڇ نائيڪ جو چوڻ آهي ته نئين قانون موجب هي ريفرنس احتساب عدالت جي دائري اختيار ۾ نٿو اچي.
ترجمان جي اپيڪٽرڪ
ڪراچي: سنڌ حڪومت جي ترجمان چيو آهي ته صوبي ۾ امن امان جي صورتحال بهتر بڻائڻ لاءِ پوليس کي هدايتون ڏنيون ويون آهن ۽ ڏوهارين خلاف ڪارروائي تيز ڪئي ويندي. عوام کي تحفظ ڏيڻ حڪومت جي اولين ترجيح آهي. مهانگائي خلاف شهرين احتجاج ڪندي چيو ته بجلي جي بلن ۽ پيٽرول جي قيمتن ۾ واڌ عوام تي بار آهي. احتجاج ڪندڙن مطالبو ڪيو ته حڪومت فوري طور تي قيمتون گهٽائي ۽ غريب عوام کي رليف ڏئي.
5 جولاءِ گرفتار
پوليس مطابق مقابلي دوران ٻه ملزم زخمي حالت ۾ گرفتار ڪيا ويا جن وٽان هٿيار ۽ چوري ٿيل موٽرسائيڪل هٿ ڪئي وئي. ملزمن خلاف ڪيس داخل ڪري وڌيڪ جاچ شروع ڪئي وئي آهي. غلط لاڳاپيل ڪئمپ يا گورنر هائوس ۾ رجسٽريشن ڪرائي وڃي. گورنر هائوس مان جاري ڪيل پريس رليز ۾ چيو ويو آهي ته لياقت آباد ۾ پاڪستان تحت راشن جا ٿيلها ورهائڻ جو ڪو اعلان نه ڪيو ويو هو ۽ نه ئي راشن جي ٿيلهن جا ڪي ڪارڊ ورهايا ويا هئا.
گهوٽڪي / آپريشن
سياسي سماجي اڳواڻن جي اڳواڻي ۾ هڪ ڪلاڪ تائين احتجاجي ڪيمپ لڳائي وئي. ڪيمپ ۾ سياسي سماجي اڳواڻن خطاب ڪندي چيو ته آخر عوام جو ڏوهه ڇا آهي جو هڪ سازش تحت ڌاڙيلن جي رحم ڪرم تي ڇڏيو ويو آهي. ڪاروباري، مزدور، مسڪين ۽ هندو برادري نشاني تي آهي. بحث جو موضوع بڻجي ويو آهي. ڪجهه حلقا ان کي ملڪي معيشت کي صحيح رستي تي آڻڻ جي ڪوشش قرار ڏئي رهيا آهن. جڏهن ته ڪجهه حلقا اجلاس کي تنقيد جو نشانو بڻائي رهيا آهن. آرمي چيف آچر تي پهرين ڪراچي ۽ پوءِ لاهور ۾ ملڪ جي اهم ۽ ڪاروباري شخصيتن سان ملاقاتون ڪيون. ان کان علاوه وڏين ڪمپنين جي سربراهن سان گڏجاڻي ڪئي.
جماعت اسلامي
منظور ڪري ورتي. عدالت ريفرنس واپس نيب جي چيئرمين کي موڪلي ڇڏيو. ڊاڪٽر عاصم حسين سميت ٻين ٻارهن احتساب عدالت جي اختيارن کي هاءِ ڪورٽ ۾ چئلينج ڪيو ويو هو. درخواستگذار جي وڪيل فاروق ايڇ نائيڪ جو چوڻ آهي ته نئين قانون موجب هي ريفرنس احتساب عدالت جي دائري اختيار ۾ نٿو اچي. ڪراچي: سنڌ حڪومت جي ترجمان چيو آهي ته صوبي ۾ امن امان جي صورتحال بهتر بڻائڻ لاءِ پوليس کي هدايتون ڏنيون ويون آهن ۽ ڏوهارين خلاف ڪارروائي تيز ڪئي ويندي. عوام کي تحفظ ڏيڻ حڪومت جي اولين ترجيح آهي. اسحاق ڊار کي ڪجهه پرڏيهي متاثرن ۽ مدد ملي سگهي هن ٽوئيٽر تي لکيو ته رانا ثناءُالله 4.1 ملين ٽن کنڊ اسمگل ڪرڻ جي اجازت ڏني ڇاڪاڻ ته ڊالر تي سمگلرن نفعو ڪمايو پر احسن اقبال نويد قمر کي ذميوار قرار ڏني ٿو. پوءِ جو سنڌس لاش واپس ڪيو ويس مان پيرءِ بي بي کي ڪڏهن به معاف نه ڪنديس. شباز اها ڳالهه هر اينڊڙ ويندڙ صحافي، انساني حقن جي ڪارڪن ۽ تحقيقي پوليس آفيسر کي ڏئي ٿي. هن چيو ته پير فياض چيو ته فاطمه کي حويلي ۾ ڇڏي ڏيو هوءِ ٻارن سان کيڏندي. مهانگائي خلاف شهرين احتجاج ڪندي چيو ته بجلي جي بلن ۽ پيٽرول جي قيمتن ۾ واڌ عوام تي بار آهي. احتجاج ڪندڙن مطالبو ڪيو ته حڪومت فوري طور تي قيمتون گهٽائي ۽ غريب عوام کي رليف ڏئي. پوليس مطابق مقابلي دوران ٻه ملزم زخمي حالت ۾ گرفتار ڪيا ويا جن وٽان هٿيار ۽ چوري ٿيل موٽرسائيڪل هٿ ڪئي وئي. ملزمن خلاف ڪيس داخل ڪري وڌيڪ جاچ شروع ڪئي وئي آهي. تنظيمن جي مبينه طور 7 دهشتگردن کي گرفتار ڪيو آهي. سياسي سماجي اڳواڻن جي اڳواڻي ۾ هڪ ڪلاڪ تائين احتجاجي ڪيمپ لڳائي وئي. ڪيمپ ۾ سياسي سماجي اڳواڻن خطاب ڪندي چيو ته آخر عوام جو ڏوهه ڇا آهي جو هڪ سازش تحت ڌاڙيلن جي رحم ڪرم تي ڇڏيو ويو آهي. ڪاروباري، مزدور، مسڪين ۽ هندو برادري نشاني تي آهي.
فرحت الله بابر
اسحاق ڊار کي ڪجهه پرڏيهي متاثرن ۽ مدد ملي سگهي هن ٽوئيٽر تي لکيو ته رانا ثناءُالله 4.1 ملين ٽن کنڊ اسمگل ڪرڻ جي اجازت ڏني ڇاڪاڻ ته ڊالر تي سمگلرن نفعو ڪمايو پر احسن اقبال نويد قمر کي ذميوار قرار ڏني ٿو.
آرمي چيف / بحث جو موضوع
بحث جو موضوع بڻجي ويو آهي. ڪجهه حلقا ان کي ملڪي معيشت کي صحيح رستي تي آڻڻ جي ڪوشش قرار ڏئي رهيا آهن. جڏهن ته ڪجهه حلقا اجلاس کي تنقيد جو نشانو بڻائي رهيا آهن. آرمي چيف آچر تي پهرين ڪراچي ۽ پوءِ لاهور ۾ ملڪ جي اهم ۽ ڪاروباري شخصيتن سان ملاقاتون ڪيون. ان کان علاوه وڏين ڪمپنين جي سربراهن سان گڏجاڻي ڪئي. ڪراچي: سنڌ حڪومت جي ترجمان چيو آهي ته صوبي ۾ امن امان جي صورتحال بهتر بڻائڻ لاءِ پوليس کي هدايتون ڏنيون ويون آهن ۽ ڏوهارين خلاف ڪارروائي تيز ڪئي ويندي. عوام کي تحفظ ڏيڻ حڪومت جي اولين ترجيح آهي.
رابطه جي اپيل رد
منظور ڪري ورتي. عدالت ريفرنس واپس نيب جي چيئرمين کي موڪلي ڇڏيو. ڊاڪٽر عاصم حسين سميت ٻين ٻارهن احتساب عدالت جي اختيارن کي هاءِ ڪورٽ ۾ چئلينج ڪيو ويو هو. درخواستگذار جي وڪيل فاروق ايڇ نائيڪ جو چوڻ آهي ته نئين قانون موجب هي ريفرنس احتساب عدالت جي دائري اختيار ۾ نٿو اچي.
احسن / نويد قمر
اسحاق ڊار کي ڪجهه پرڏيهي متاثرن ۽ مدد ملي سگهي هن ٽوئيٽر تي لکيو ته رانا ثناءُالله 4.1 ملين ٽن کنڊ اسمگل ڪرڻ جي اجازت ڏني ڇاڪاڻ ته ڊالر تي سمگلرن نفعو ڪمايو پر احسن اقبال نويد قمر کي ذميوار قرار ڏني ٿو. تنظيمن جي مبينه طور 7 دهشتگردن کي گرفتار ڪيو آهي.
گرفتاري جا حڪم
پوليس مطابق مقابلي دوران ٻه ملزم زخمي حالت ۾ گرفتار ڪيا ويا جن وٽان هٿيار ۽ چوري ٿيل موٽرسائيڪل هٿ ڪئي وئي. ملزمن خلاف ڪيس داخل ڪري وڌيڪ جاچ شروع ڪئي وئي آهي. پوءِ جو سنڌس لاش واپس ڪيو ويس مان پيرءِ بي بي کي ڪڏهن به معاف نه ڪنديس. شباز اها ڳالهه هر اينڊڙ ويندڙ صحافي، انساني حقن جي ڪارڪن ۽ تحقيقي پوليس آفيسر کي ڏئي ٿي. هن چيو ته پير فياض چيو ته فاطمه کي حويلي ۾ ڇڏي ڏيو هوءِ ٻارن سان کيڏندي.
وائرسون
مهانگائي خلاف شهرين احتجاج ڪندي چيو ته بجلي جي بلن ۽ پيٽرول جي قيمتن ۾ واڌ عوام تي بار آهي. احتجاج ڪندڙن مطالبو ڪيو ته حڪومت فوري طور تي قيمتون گهٽائي ۽ غريب عوام کي رليف ڏئي.
ڪراچي بجلي بل
مهانگائي خلاف شهرين احتجاج ڪندي چيو ته بجلي جي بلن ۽ پيٽرول جي قيمتن ۾ واڌ عوام تي بار آهي. احتجاج ڪندڙن مطالبو ڪيو ته حڪومت فوري طور تي قيمتون گهٽائي ۽ غريب عوام کي رليف ڏئي. تنظيمن جي مبينه طور 7 دهشتگردن کي گرفتار ڪيو آهي.
سينيٽر مشتاق
ڪراچي: سنڌ حڪومت جي ترجمان چيو آهي ته صوبي ۾ امن امان جي صورتحال بهتر بڻائڻ لاءِ پوليس کي هدايتون ڏنيون ويون آهن ۽ ڏوهارين خلاف ڪارروائي تيز ڪئي ويندي. عوام کي تحفظ ڏيڻ حڪومت جي اولين ترجيح آهي. غلط لاڳاپيل ڪئمپ يا گورنر هائوس ۾ رجسٽريشن ڪرائي وڃي. گورنر هائوس مان جاري ڪيل پريس رليز ۾ چيو ويو آهي ته لياقت آباد ۾ پاڪستان تحت راشن جا ٿيلها ورهائڻ جو ڪو اعلان نه ڪيو ويو هو ۽ نه ئي راشن جي ٿيلهن جا ڪي ڪارڊ ورهايا ويا هئا.
پٽرول / ڊرگر
مهانگائي خلاف شهرين احتجاج ڪندي چيو ته بجلي جي بلن ۽ پيٽرول جي قيمتن ۾ واڌ عوام تي بار آهي. احتجاج ڪندڙن مطالبو ڪيو ته حڪومت فوري طور تي قيمتون گهٽائي ۽ غريب عوام کي رليف ڏئي. پوليس مطابق مقابلي دوران ٻه ملزم زخمي حالت ۾ گرفتار ڪيا ويا جن وٽان هٿيار ۽ چوري ٿيل موٽرسائيڪل هٿ ڪئي وئي. ملزمن خلاف ڪيس داخل ڪري وڌيڪ جاچ شروع ڪئي وئي آهي.
ايس ايس پي خيرپور
پوليس مطابق مقابلي دوران ٻه ملزم زخمي حالت ۾ گرفتار ڪيا ويا جن وٽان هٿيار ۽ چوري ٿيل موٽرسائيڪل هٿ ڪئي وئي. ملزمن خلاف ڪيس داخل ڪري وڌيڪ جاچ شروع ڪئي وئي آهي. تنظيمن جي مبينه طور 7 دهشتگردن کي گرفتار ڪيو آهي.
عوامي جمهوري پارٽي
سياسي سماجي اڳواڻن جي اڳواڻي ۾ هڪ ڪلاڪ تائين احتجاجي ڪيمپ لڳائي وئي. ڪيمپ ۾ سياسي سماجي اڳواڻن خطاب ڪندي چيو ته آخر عوام جو ڏوهه ڇا آهي جو هڪ سازش تحت ڌاڙيلن جي رحم ڪرم تي ڇڏيو ويو آهي. ڪاروباري، مزدور، مسڪين ۽ هندو برادري نشاني تي آهي. بحث جو موضوع بڻجي ويو آهي. ڪجهه حلقا ان کي ملڪي معيشت کي صحيح رستي تي آڻڻ جي ڪوشش قرار ڏئي رهيا آهن. جڏهن ته ڪجهه حلقا اجلاس کي تنقيد جو نشانو بڻائي رهيا آهن. آرمي چيف آچر تي پهرين ڪراچي ۽ پوءِ لاهور ۾ ملڪ جي اهم ۽ ڪاروباري شخصيتن سان ملاقاتون ڪيون. ان کان علاوه وڏين ڪمپنين جي سربراهن سان گڏجاڻي ڪئي. منظور ڪري ورتي. عدالت ريفرنس واپس نيب جي چيئرمين کي موڪلي ڇڏيو. ڊاڪٽر عاصم حسين سميت ٻين ٻارهن احتساب عدالت جي اختيارن کي هاءِ ڪورٽ ۾ چئلينج ڪيو ويو هو. درخواستگذار جي وڪيل فاروق ايڇ نائيڪ جو چوڻ آهي ته نئين قانون موجب هي ريفرنس احتساب عدالت جي دائري اختيار ۾ نٿو اچي. پوءِ جو سنڌس لاش واپس ڪيو ويس مان پيرءِ بي بي کي ڪڏهن به معاف نه ڪنديس. شباز اها ڳالهه هر اينڊڙ ويندڙ صحافي، انساني حقن جي ڪارڪن ۽ تحقيقي پوليس آفيسر کي ڏئي ٿي. هن چيو ته پير فياض چيو ته فاطمه کي حويلي ۾ ڇڏي ڏيو هوءِ ٻارن سان کيڏندي. ڪراچي: سنڌ حڪومت جي ترجمان چيو آهي ته صوبي ۾ امن امان جي صورتحال بهتر بڻائڻ لاءِ پوليس کي هدايتون ڏنيون ويون آهن ۽ ڏوهارين خلاف ڪارروائي تيز ڪئي ويندي. عوام کي تحفظ ڏيڻ حڪومت جي اولين ترجيح آهي.
